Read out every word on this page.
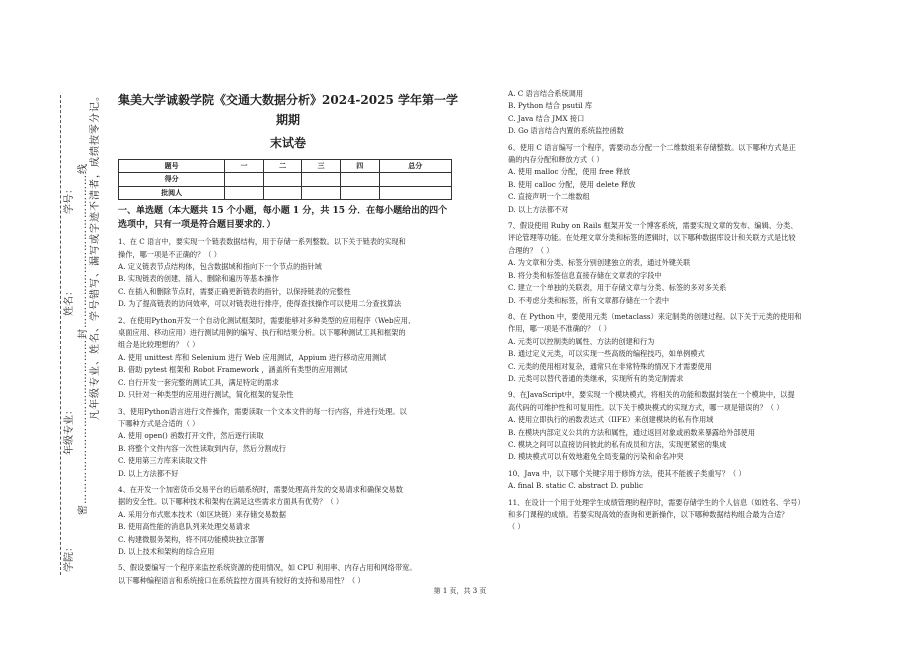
密………………………………………封……………………………………线 凡年级专业、姓名、学号错写、漏写或字迹不清者，成绩按零分记。
学号：
姓名：
年级专业：
学院：

集美大学诚毅学院《交通大数据分析》2024-2025 学年第一学期期

末试卷

题号	一	二	三	四	总分
得分					
批阅人					
一、单选题（本大题共 15 个小题，每小题 1 分，共 15 分．在每小题给出的四个
选项中，只有一项是符合题目要求的．）

1、在 C 语言中，要实现一个链表数据结构，用于存储一系列整数。以下关于链表的实现和

操作，哪一项是不正确的？（ ）

A. 定义链表节点结构体，包含数据域和指向下一个节点的指针域

B. 实现链表的创建、插入、删除和遍历等基本操作

C. 在插入和删除节点时，需要正确更新链表的指针，以保持链表的完整性

D. 为了提高链表的访问效率，可以对链表进行排序，使得查找操作可以使用二分查找算法

2、在使用Python开发一个自动化测试框架时，需要能够对多种类型的应用程序（Web应用、

桌面应用、移动应用）进行测试用例的编写、执行和结果分析。以下哪种测试工具和框架的

组合是比较理想的？（ ）

A. 使用 unittest 库和 Selenium 进行 Web 应用测试，Appium 进行移动应用测试

B. 借助 pytest 框架和 Robot Framework ，涵盖所有类型的应用测试

C. 自行开发一套完整的测试工具，满足特定的需求

D. 只针对一种类型的应用进行测试，简化框架的复杂性

3、使用Python语言进行文件操作，需要读取一个文本文件的每一行内容，并进行处理。以

下哪种方式是合适的（ ）

A. 使用 open() 函数打开文件，然后逐行读取

B. 将整个文件内容一次性读取到内存，然后分割成行

C. 使用第三方库来读取文件

D. 以上方法都不好

4、在开发一个加密货币交易平台的后端系统时，需要处理高并发的交易请求和确保交易数

据的安全性。以下哪种技术和架构在满足这些需求方面具有优势？（ ）

A. 采用分布式账本技术（如区块链）来存储交易数据

B. 使用高性能的消息队列来处理交易请求

C. 构建微服务架构，将不同功能模块独立部署

D. 以上技术和架构的综合应用

5、假设要编写一个程序来监控系统资源的使用情况，如 CPU 利用率、内存占用和网络带宽。

以下哪种编程语言和系统接口在系统监控方面具有较好的支持和易用性？（ ）

A. C 语言结合系统调用

B. Python 结合 psutil 库

C. Java 结合 JMX 接口

D. Go 语言结合内置的系统监控函数

6、使用 C 语言编写一个程序，需要动态分配一个二维数组来存储整数。以下哪种方式是正

确的内存分配和释放方式（ ）

A. 使用 malloc 分配，使用 free 释放

B. 使用 calloc 分配，使用 delete 释放

C. 直接声明一个二维数组

D. 以上方法都不对

7、假设使用 Ruby on Rails 框架开发一个博客系统，需要实现文章的发布、编辑、分类、

评论管理等功能。在处理文章分类和标签的逻辑时，以下哪种数据库设计和关联方式是比较

合理的？（ ）

A. 为文章和分类、标签分别创建独立的表，通过外键关联

B. 将分类和标签信息直接存储在文章表的字段中

C. 建立一个单独的关联表，用于存储文章与分类、标签的多对多关系

D. 不考虑分类和标签，所有文章都存储在一个表中

8、在 Python 中，要使用元类（metaclass）来定制类的创建过程。以下关于元类的使用和

作用，哪一项是不准确的？（ ）

A. 元类可以控制类的属性、方法的创建和行为

B. 通过定义元类，可以实现一些高级的编程技巧，如单例模式

C. 元类的使用相对复杂，通常只在非常特殊的情况下才需要使用

D. 元类可以替代普通的类继承，实现所有的类定制需求

9、在JavaScript中，要实现一个模块模式，将相关的功能和数据封装在一个模块中，以提

高代码的可维护性和可复用性。以下关于模块模式的实现方式，哪一项是错误的？（ ）

A. 使用立即执行的函数表达式（IIFE）来创建模块的私有作用域

B. 在模块内部定义公共的方法和属性，通过返回对象或函数来暴露给外部使用

C. 模块之间可以直接访问彼此的私有成员和方法，实现更紧密的集成

D. 模块模式可以有效地避免全局变量的污染和命名冲突

10、Java 中，以下哪个关键字用于修饰方法，使其不能被子类重写？（ ）

A. final B. static C. abstract D. public

11、在设计一个用于处理学生成绩管理的程序时，需要存储学生的个人信息（如姓名、学号）

和多门课程的成绩。若要实现高效的查询和更新操作，以下哪种数据结构组合最为合适？

（ ）

第 1 页，共 3 页
